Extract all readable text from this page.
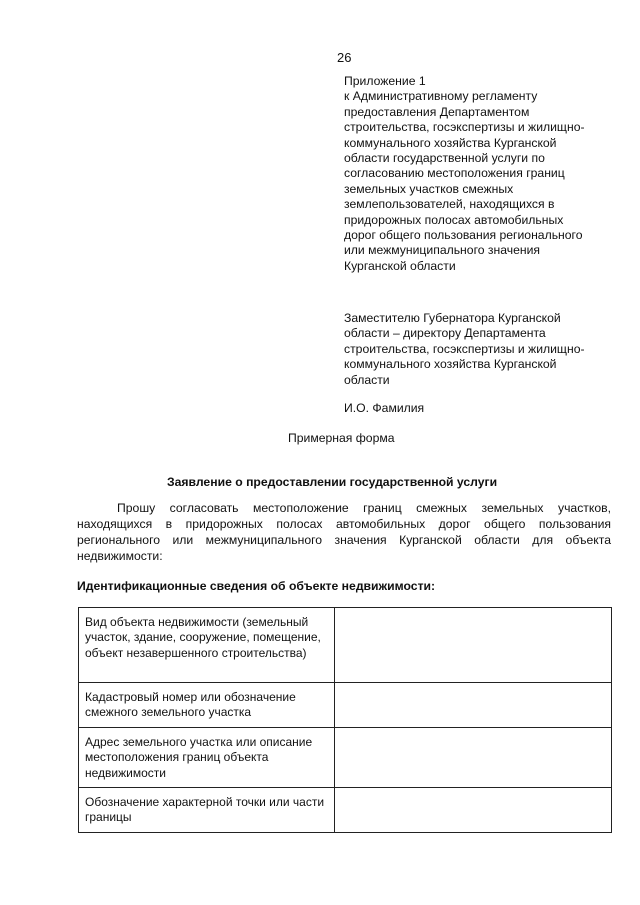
26
Приложение 1
к Административному регламенту
предоставления Департаментом
строительства, госэкспертизы и жилищно-
коммунального хозяйства Курганской
области государственной услуги по
согласованию местоположения границ
земельных участков смежных
землепользователей, находящихся в
придорожных полосах автомобильных
дорог общего пользования регионального
или межмуниципального значения
Курганской области
Заместителю Губернатора Курганской
области – директору Департамента
строительства, госэкспертизы и жилищно-
коммунального хозяйства Курганской
области
И.О. Фамилия
Примерная форма
Заявление о предоставлении государственной услуги
Прошу согласовать местоположение границ смежных земельных участков,
находящихся в придорожных полосах автомобильных дорог общего пользования
регионального или межмуниципального значения Курганской области для объекта
недвижимости:
Идентификационные сведения об объекте недвижимости:
Вид объекта недвижимости (земельный участок, здание, сооружение, помещение, объект незавершенного строительства)	
Кадастровый номер или обозначение смежного земельного участка	
Адрес земельного участка или описание местоположения границ объекта недвижимости	
Обозначение характерной точки или части границы	
